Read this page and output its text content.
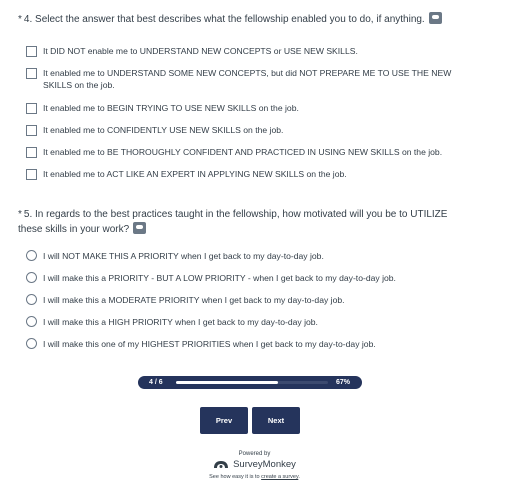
* 4. Select the answer that best describes what the fellowship enabled you to do, if anything.
It DID NOT enable me to UNDERSTAND NEW CONCEPTS or USE NEW SKILLS.
It enabled me to UNDERSTAND SOME NEW CONCEPTS, but did NOT PREPARE ME TO USE THE NEW SKILLS on the job.
It enabled me to BEGIN TRYING TO USE NEW SKILLS on the job.
It enabled me to CONFIDENTLY USE NEW SKILLS on the job.
It enabled me to BE THOROUGHLY CONFIDENT AND PRACTICED IN USING NEW SKILLS on the job.
It enabled me to ACT LIKE AN EXPERT IN APPLYING NEW SKILLS on the job.
* 5. In regards to the best practices taught in the fellowship, how motivated will you be to UTILIZE these skills in your work?
I will NOT MAKE THIS A PRIORITY when I get back to my day-to-day job.
I will make this a PRIORITY - BUT A LOW PRIORITY - when I get back to my day-to-day job.
I will make this a MODERATE PRIORITY when I get back to my day-to-day job.
I will make this a HIGH PRIORITY when I get back to my day-to-day job.
I will make this one of my HIGHEST PRIORITIES when I get back to my day-to-day job.
4 / 6	67%
Prev	Next
Powered by
SurveyMonkey
See how easy it is to create a survey.
